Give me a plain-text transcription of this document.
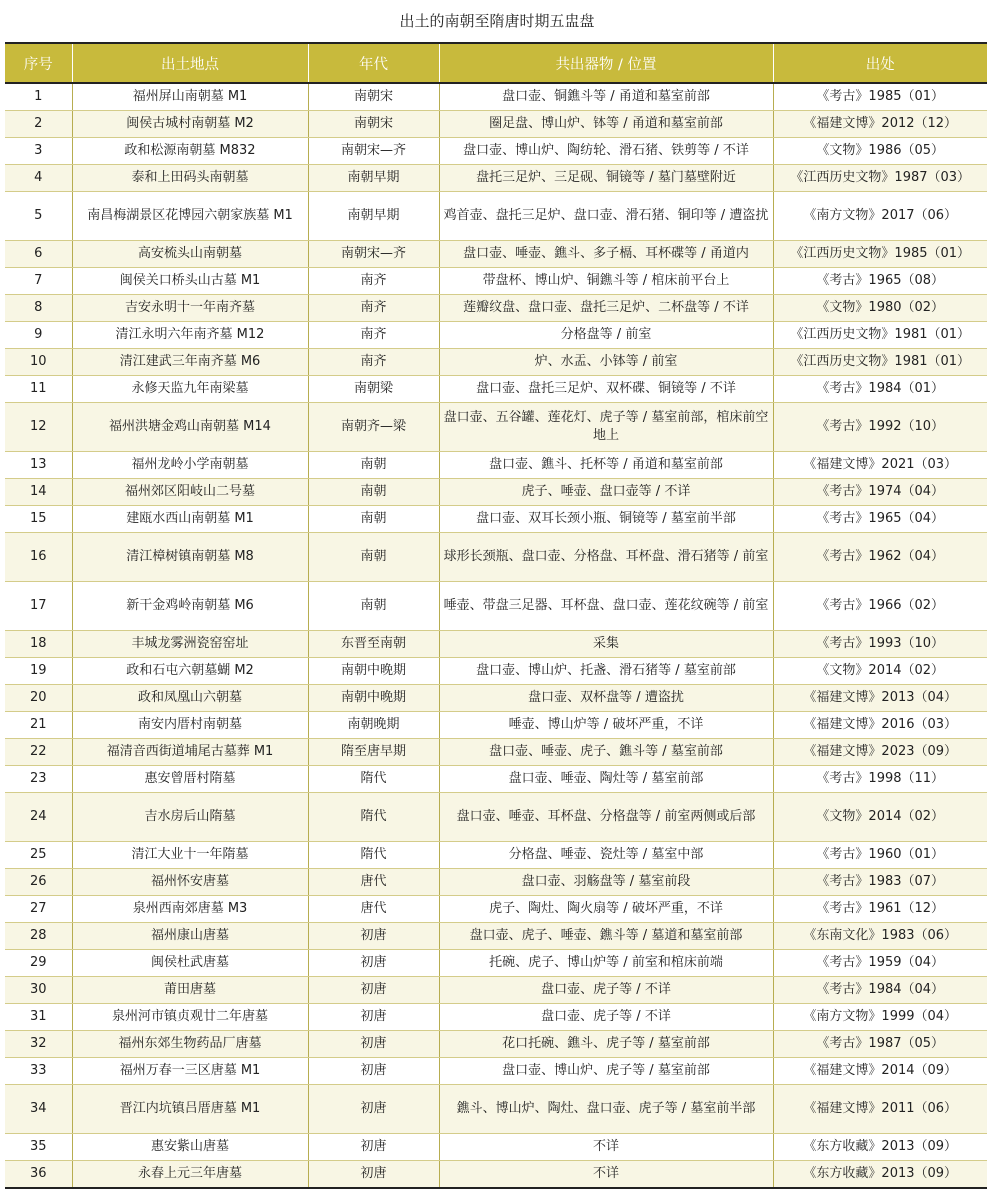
出土的南朝至隋唐时期五盅盘
序号	出土地点	年代	共出器物 / 位置	出处
1	福州屏山南朝墓 M1	南朝宋	盘口壶、铜鐎斗等 / 甬道和墓室前部	《考古》1985（01）
2	闽侯古城村南朝墓 M2	南朝宋	圈足盘、博山炉、钵等 / 甬道和墓室前部	《福建文博》2012（12）
3	政和松源南朝墓 M832	南朝宋—齐	盘口壶、博山炉、陶纺轮、滑石猪、铁剪等 / 不详	《文物》1986（05）
4	泰和上田码头南朝墓	南朝早期	盘托三足炉、三足砚、铜镜等 / 墓门墓壁附近	《江西历史文物》1987（03）
5	南昌梅湖景区花博园六朝家族墓 M1	南朝早期	鸡首壶、盘托三足炉、盘口壶、滑石猪、铜印等 / 遭盗扰	《南方文物》2017（06）
6	高安梳头山南朝墓	南朝宋—齐	盘口壶、唾壶、鐎斗、多子槅、耳杯碟等 / 甬道内	《江西历史文物》1985（01）
7	闽侯关口桥头山古墓 M1	南齐	带盘杯、博山炉、铜鐎斗等 / 棺床前平台上	《考古》1965（08）
8	吉安永明十一年南齐墓	南齐	莲瓣纹盘、盘口壶、盘托三足炉、二杯盘等 / 不详	《文物》1980（02）
9	清江永明六年南齐墓 M12	南齐	分格盘等 / 前室	《江西历史文物》1981（01）
10	清江建武三年南齐墓 M6	南齐	炉、水盂、小钵等 / 前室	《江西历史文物》1981（01）
11	永修天监九年南梁墓	南朝梁	盘口壶、盘托三足炉、双杯碟、铜镜等 / 不详	《考古》1984（01）
12	福州洪塘金鸡山南朝墓 M14	南朝齐—梁	盘口壶、五谷罐、莲花灯、虎子等 / 墓室前部，棺床前空地上	《考古》1992（10）
13	福州龙岭小学南朝墓	南朝	盘口壶、鐎斗、托杯等 / 甬道和墓室前部	《福建文博》2021（03）
14	福州郊区阳岐山二号墓	南朝	虎子、唾壶、盘口壶等 / 不详	《考古》1974（04）
15	建瓯水西山南朝墓 M1	南朝	盘口壶、双耳长颈小瓶、铜镜等 / 墓室前半部	《考古》1965（04）
16	清江樟树镇南朝墓 M8	南朝	球形长颈瓶、盘口壶、分格盘、耳杯盘、滑石猪等 / 前室	《考古》1962（04）
17	新干金鸡岭南朝墓 M6	南朝	唾壶、带盘三足器、耳杯盘、盘口壶、莲花纹碗等 / 前室	《考古》1966（02）
18	丰城龙雾洲瓷窑窑址	东晋至南朝	采集	《考古》1993（10）
19	政和石屯六朝墓蝴 M2	南朝中晚期	盘口壶、博山炉、托盏、滑石猪等 / 墓室前部	《文物》2014（02）
20	政和凤凰山六朝墓	南朝中晚期	盘口壶、双杯盘等 / 遭盗扰	《福建文博》2013（04）
21	南安内厝村南朝墓	南朝晚期	唾壶、博山炉等 / 破坏严重，不详	《福建文博》2016（03）
22	福清音西街道埔尾古墓葬 M1	隋至唐早期	盘口壶、唾壶、虎子、鐎斗等 / 墓室前部	《福建文博》2023（09）
23	惠安曾厝村隋墓	隋代	盘口壶、唾壶、陶灶等 / 墓室前部	《考古》1998（11）
24	吉水房后山隋墓	隋代	盘口壶、唾壶、耳杯盘、分格盘等 / 前室两侧或后部	《文物》2014（02）
25	清江大业十一年隋墓	隋代	分格盘、唾壶、瓷灶等 / 墓室中部	《考古》1960（01）
26	福州怀安唐墓	唐代	盘口壶、羽觞盘等 / 墓室前段	《考古》1983（07）
27	泉州西南郊唐墓 M3	唐代	虎子、陶灶、陶火扇等 / 破坏严重，不详	《考古》1961（12）
28	福州康山唐墓	初唐	盘口壶、虎子、唾壶、鐎斗等 / 墓道和墓室前部	《东南文化》1983（06）
29	闽侯杜武唐墓	初唐	托碗、虎子、博山炉等 / 前室和棺床前端	《考古》1959（04）
30	莆田唐墓	初唐	盘口壶、虎子等 / 不详	《考古》1984（04）
31	泉州河市镇贞观廿二年唐墓	初唐	盘口壶、虎子等 / 不详	《南方文物》1999（04）
32	福州东郊生物药品厂唐墓	初唐	花口托碗、鐎斗、虎子等 / 墓室前部	《考古》1987（05）
33	福州万春一三区唐墓 M1	初唐	盘口壶、博山炉、虎子等 / 墓室前部	《福建文博》2014（09）
34	晋江内坑镇吕厝唐墓 M1	初唐	鐎斗、博山炉、陶灶、盘口壶、虎子等 / 墓室前半部	《福建文博》2011（06）
35	惠安紫山唐墓	初唐	不详	《东方收藏》2013（09）
36	永春上元三年唐墓	初唐	不详	《东方收藏》2013（09）
